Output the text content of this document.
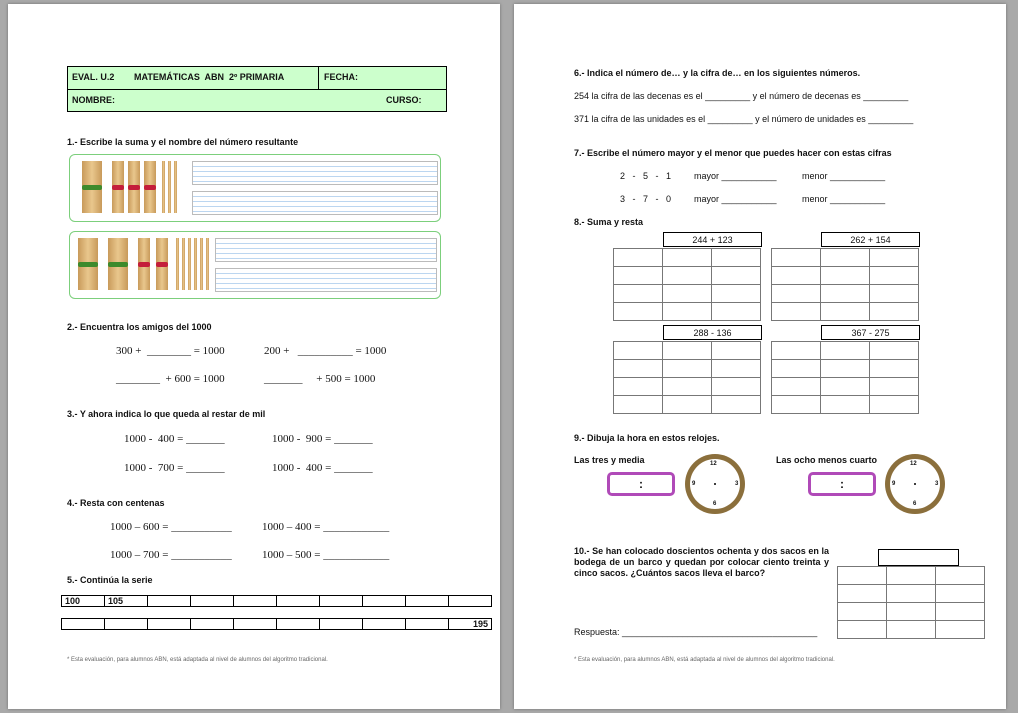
EVAL. U.2 MATEMÁTICAS  ABN  2º PRIMARIA	FECHA:
NOMBRE:	CURSO:
1.- Escribe la suma y el nombre del número resultante
2.- Encuentra los amigos del 1000
300 +  ________ = 1000	200 +   __________ = 1000
________  + 600 = 1000	_______     + 500 = 1000
3.- Y ahora indica lo que queda al restar de mil
1000 -  400 = _______	1000 -  900 = _______
1000 -  700 = _______	1000 -  400 = _______
4.- Resta con centenas
1000 – 600 = ___________	1000 – 400 = ____________
1000 – 700 = ___________	1000 – 500 = ____________
5.- Continúa la serie
100	105								
									195
* Esta evaluación, para alumnos ABN, está adaptada al nivel de alumnos del algoritmo tradicional.
6.- Indica el número de… y la cifra de… en los siguientes números.
254 la cifra de las decenas es el _________ y el número de decenas es _________
371 la cifra de las unidades es el _________ y el número de unidades es _________
7.- Escribe el número mayor y el menor que puedes hacer con estas cifras
2   -   5   -   1	mayor ___________	menor ___________
3   -   7   -   0	mayor ___________	menor ___________
8.- Suma y resta
244 + 123

			262 + 154

288 - 136

			367 - 275

9.- Dibuja la hora en estos relojes.
Las tres y media
:
12
3
6
9
Las ocho menos cuarto
:
12
3
6
9
10.- Se han colocado doscientos ochenta y dos sacos en la bodega de un barco y quedan por colocar ciento treinta y cinco sacos. ¿Cuántos sacos lleva el barco?

Respuesta: _______________________________________
* Esta evaluación, para alumnos ABN, está adaptada al nivel de alumnos del algoritmo tradicional.
